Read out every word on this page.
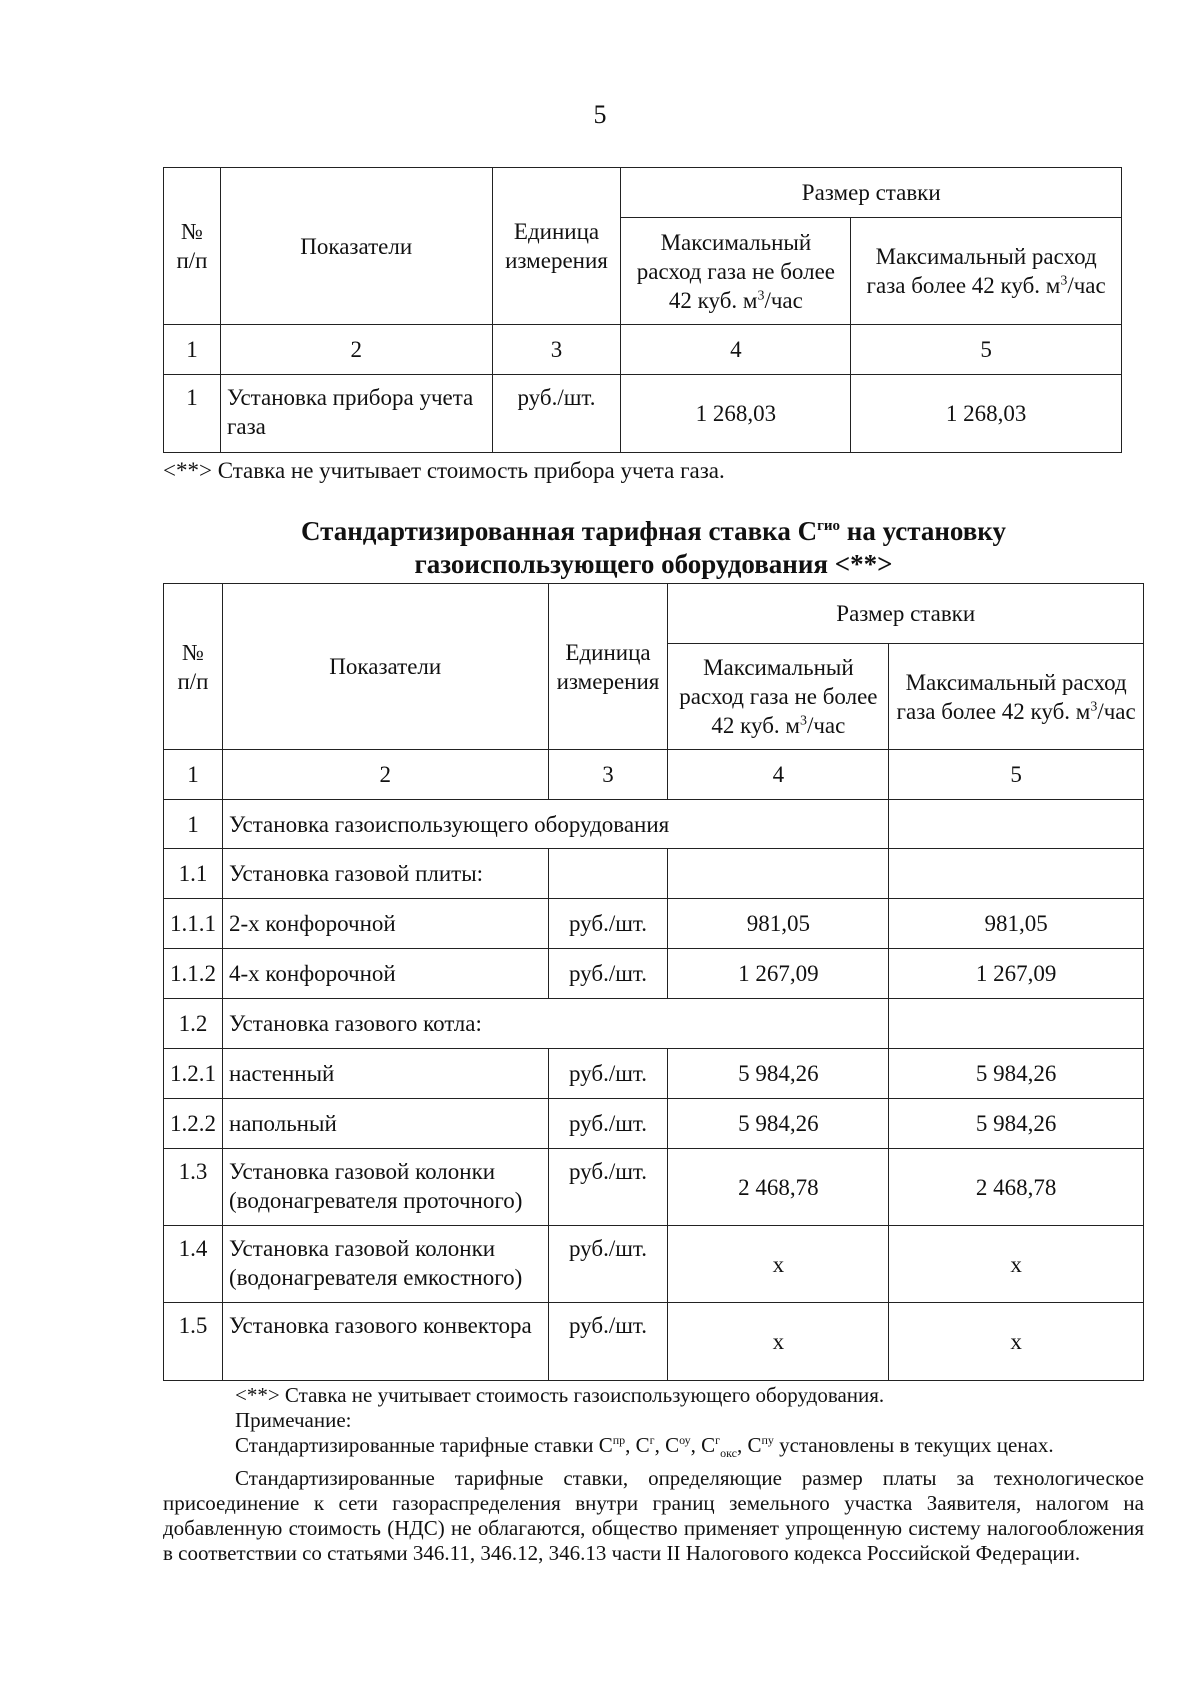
5
№ п/п	Показатели	Единица измерения	Размер ставки	
			Максимальный расход газа не более 42 куб. $м^3$/час	Максимальный расход газа более 42 куб. $м^3$/час
1	2	3	4	5
1	Установка прибора учета газа	руб./шт.	1 268,03	1 268,03
<**> Ставка не учитывает стоимость прибора учета газа.
Стандартизированная тарифная ставка $С^{гио}$ на установку
газоиспользующего оборудования <**>
№ п/п	Показатели	Единица измерения	Размер ставки	
			Максимальный расход газа не более 42 куб. $м^3$/час	Максимальный расход газа более 42 куб. $м^3$/час
1	2	3	4	5
1	Установка газоиспользующего оборудования			
1.1	Установка газовой плиты:			
1.1.1	2-х конфорочной	руб./шт.	981,05	981,05
1.1.2	4-х конфорочной	руб./шт.	1 267,09	1 267,09
1.2	Установка газового котла:			
1.2.1	настенный	руб./шт.	5 984,26	5 984,26
1.2.2	напольный	руб./шт.	5 984,26	5 984,26
1.3	Установка газовой колонки (водонагревателя проточного)	руб./шт.	2 468,78	2 468,78
1.4	Установка газовой колонки (водонагревателя емкостного)	руб./шт.	х	х
1.5	Установка газового конвектора	руб./шт.	х	х
<**> Ставка не учитывает стоимость газоиспользующего оборудования.
Примечание:
Стандартизированные тарифные ставки $С^{пр}$, $С^г$, $С^{оу}$, $С^г_{окс}$, $С^{пу}$ установлены в текущих ценах.
Стандартизированные тарифные ставки, определяющие размер платы за технологическое присоединение к сети газораспределения внутри границ земельного участка Заявителя, налогом на добавленную стоимость (НДС) не облагаются, общество применяет упрощенную систему налогообложения в соответствии со статьями 346.11, 346.12, 346.13 части II Налогового кодекса Российской Федерации.
